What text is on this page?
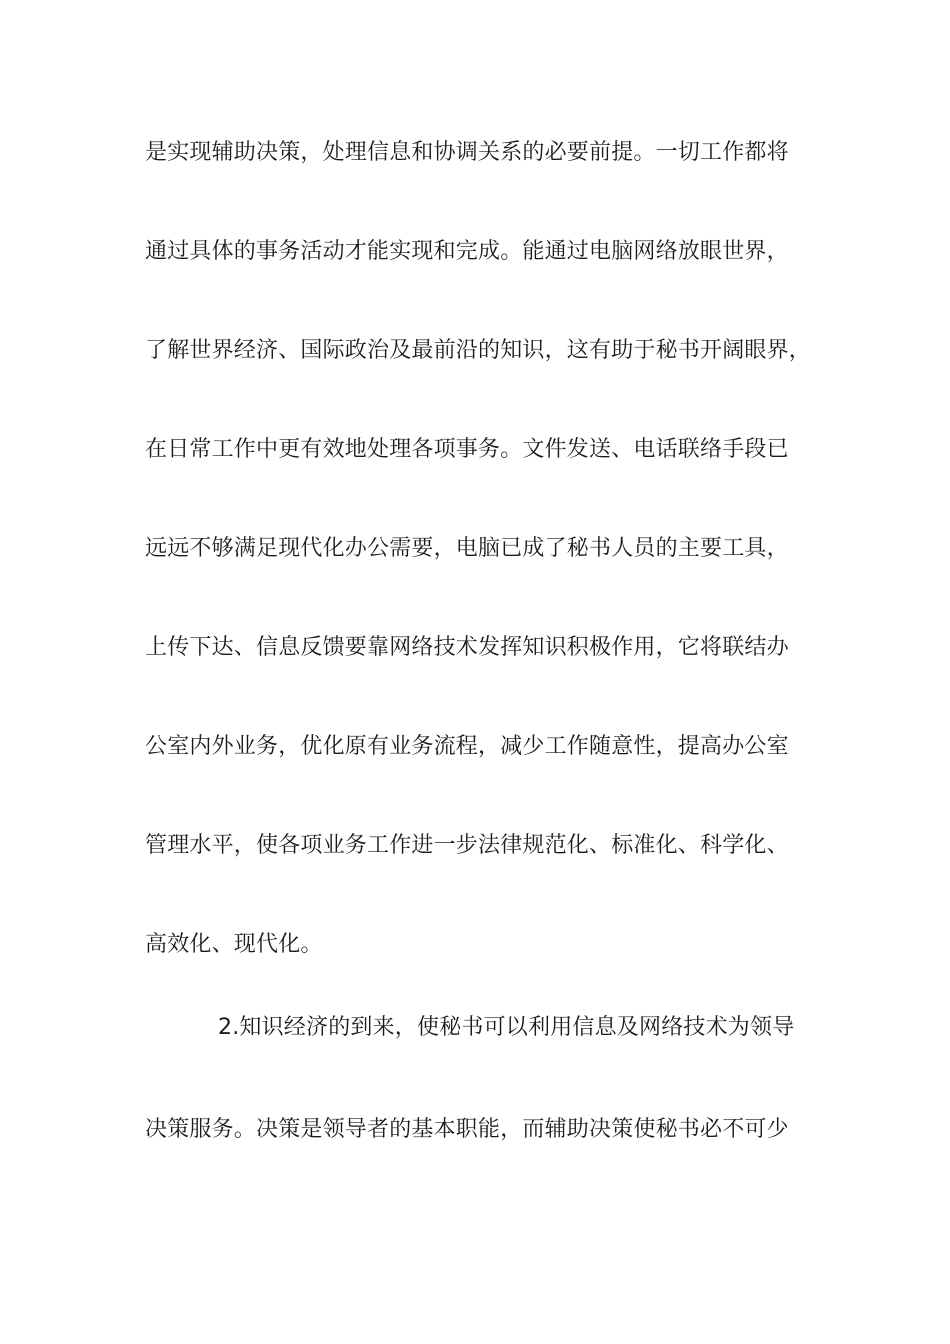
是实现辅助决策，处理信息和协调关系的必要前提。一切工作都将
通过具体的事务活动才能实现和完成。能通过电脑网络放眼世界，
了解世界经济、国际政治及最前沿的知识，这有助于秘书开阔眼界，
在日常工作中更有效地处理各项事务。文件发送、电话联络手段已
远远不够满足现代化办公需要，电脑已成了秘书人员的主要工具，
上传下达、信息反馈要靠网络技术发挥知识积极作用，它将联结办
公室内外业务，优化原有业务流程，减少工作随意性，提高办公室
管理水平，使各项业务工作进一步法律规范化、标准化、科学化、
高效化、现代化。
2.知识经济的到来，使秘书可以利用信息及网络技术为领导
决策服务。决策是领导者的基本职能，而辅助决策使秘书必不可少
